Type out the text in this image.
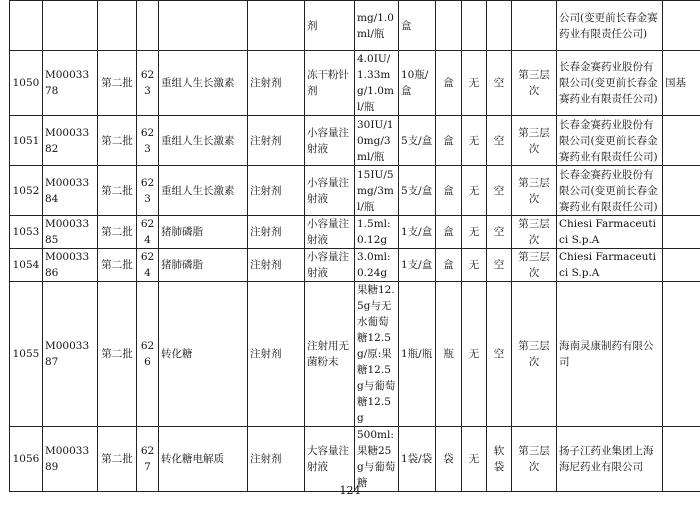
						剂	mg/1.0ml/瓶	盒					公司(变更前长春金赛药业有限责任公司)	
1050	M0003378	第二批	623	重组人生长激素	注射剂	冻干粉针剂	4.0IU/1.33mg/1.0ml/瓶	10瓶/盒	盒	无	空	第三层次	长春金赛药业股份有限公司(变更前长春金赛药业有限责任公司)	国基
1051	M0003382	第二批	623	重组人生长激素	注射剂	小容量注射液	30IU/10mg/3ml/瓶	5支/盒	盒	无	空	第三层次	长春金赛药业股份有限公司(变更前长春金赛药业有限责任公司)	
1052	M0003384	第二批	623	重组人生长激素	注射剂	小容量注射液	15IU/5mg/3ml/瓶	5支/盒	盒	无	空	第三层次	长春金赛药业股份有限公司(变更前长春金赛药业有限责任公司)	
1053	M0003385	第二批	624	猪肺磷脂	注射剂	小容量注射液	1.5ml:0.12g	1支/盒	盒	无	空	第三层次	Chiesi Farmaceutici S.p.A	
1054	M0003386	第二批	624	猪肺磷脂	注射剂	小容量注射液	3.0ml:0.24g	1支/盒	盒	无	空	第三层次	Chiesi Farmaceutici S.p.A	
1055	M0003387	第二批	626	转化糖	注射剂	注射用无菌粉末	果糖12.5g与无水葡萄糖12.5g/原:果糖12.5g与葡萄糖12.5g	1瓶/瓶	瓶	无	空	第三层次	海南灵康制药有限公司	
1056	M0003389	第二批	627	转化糖电解质	注射剂	大容量注射液	500ml:果糖25g与葡萄糖	1袋/袋	袋	无	软袋	第三层次	扬子江药业集团上海海尼药业有限公司	
124
